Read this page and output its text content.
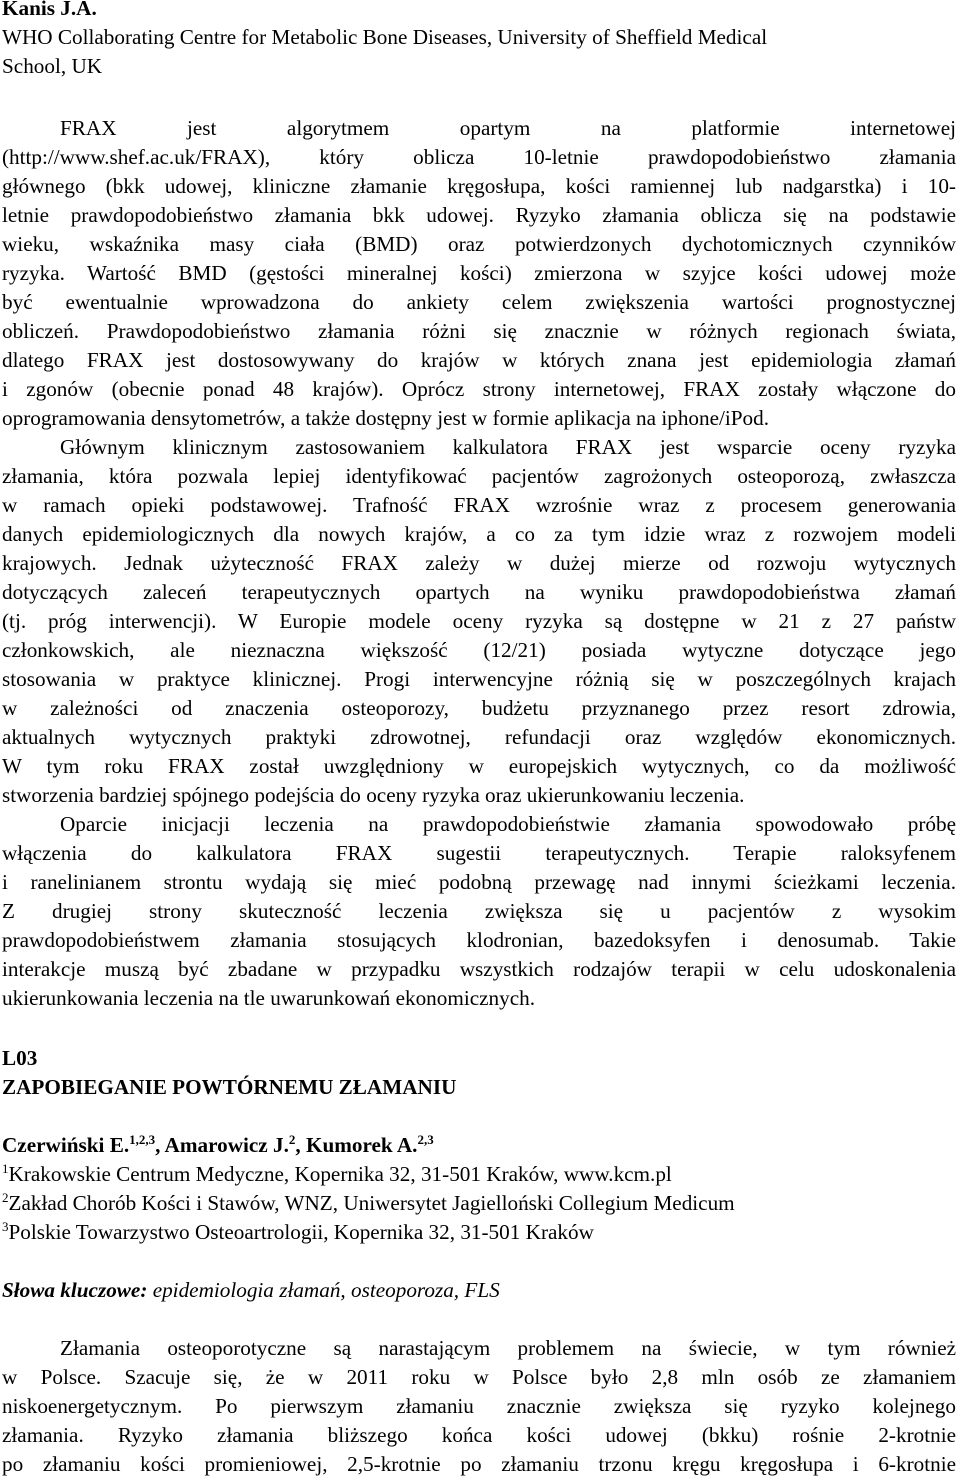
Kanis J.A.
WHO Collaborating Centre for Metabolic Bone Diseases, University of Sheffield Medical
School, UK
FRAX jest algorytmem opartym na platformie internetowej
(http://www.shef.ac.uk/FRAX), który oblicza 10-letnie prawdopodobieństwo złamania
głównego (bkk udowej, kliniczne złamanie kręgosłupa, kości ramiennej lub nadgarstka) i 10-
letnie prawdopodobieństwo złamania bkk udowej. Ryzyko złamania oblicza się na podstawie
wieku, wskaźnika masy ciała (BMD) oraz potwierdzonych dychotomicznych czynników
ryzyka. Wartość BMD (gęstości mineralnej kości) zmierzona w szyjce kości udowej może
być ewentualnie wprowadzona do ankiety celem zwiększenia wartości prognostycznej
obliczeń. Prawdopodobieństwo złamania różni się znacznie w różnych regionach świata,
dlatego FRAX jest dostosowywany do krajów w których znana jest epidemiologia złamań
i zgonów (obecnie ponad 48 krajów). Oprócz strony internetowej, FRAX zostały włączone do
oprogramowania densytometrów, a także dostępny jest w formie aplikacja na iphone/iPod.
Głównym klinicznym zastosowaniem kalkulatora FRAX jest wsparcie oceny ryzyka
złamania, która pozwala lepiej identyfikować pacjentów zagrożonych osteoporozą, zwłaszcza
w ramach opieki podstawowej. Trafność FRAX wzrośnie wraz z procesem generowania
danych epidemiologicznych dla nowych krajów, a co za tym idzie wraz z rozwojem modeli
krajowych. Jednak użyteczność FRAX zależy w dużej mierze od rozwoju wytycznych
dotyczących zaleceń terapeutycznych opartych na wyniku prawdopodobieństwa złamań
(tj. próg interwencji). W Europie modele oceny ryzyka są dostępne w 21 z 27 państw
członkowskich, ale nieznaczna większość (12/21) posiada wytyczne dotyczące jego
stosowania w praktyce klinicznej. Progi interwencyjne różnią się w poszczególnych krajach
w zależności od znaczenia osteoporozy, budżetu przyznanego przez resort zdrowia,
aktualnych wytycznych praktyki zdrowotnej, refundacji oraz względów ekonomicznych.
W tym roku FRAX został uwzględniony w europejskich wytycznych, co da możliwość
stworzenia bardziej spójnego podejścia do oceny ryzyka oraz ukierunkowaniu leczenia.
Oparcie inicjacji leczenia na prawdopodobieństwie złamania spowodowało próbę
włączenia do kalkulatora FRAX sugestii terapeutycznych. Terapie raloksyfenem
i ranelinianem strontu wydają się mieć podobną przewagę nad innymi ścieżkami leczenia.
Z drugiej strony skuteczność leczenia zwiększa się u pacjentów z wysokim
prawdopodobieństwem złamania stosujących klodronian, bazedoksyfen i denosumab. Takie
interakcje muszą być zbadane w przypadku wszystkich rodzajów terapii w celu udoskonalenia
ukierunkowania leczenia na tle uwarunkowań ekonomicznych.
L03
ZAPOBIEGANIE POWTÓRNEMU ZŁAMANIU
Czerwiński E.$^{1,2,3}$, Amarowicz J.$^2$, Kumorek A.$^{2,3}$
$^1$Krakowskie Centrum Medyczne, Kopernika 32, 31-501 Kraków, www.kcm.pl
$^2$Zakład Chorób Kości i Stawów, WNZ, Uniwersytet Jagielloński Collegium Medicum
$^3$Polskie Towarzystwo Osteoartrologii, Kopernika 32, 31-501 Kraków
Słowa kluczowe: epidemiologia złamań, osteoporoza, FLS
Złamania osteoporotyczne są narastającym problemem na świecie, w tym również
w Polsce. Szacuje się, że w 2011 roku w Polsce było 2,8 mln osób ze złamaniem
niskoenergetycznym. Po pierwszym złamaniu znacznie zwiększa się ryzyko kolejnego
złamania. Ryzyko złamania bliższego końca kości udowej (bkku) rośnie 2-krotnie
po złamaniu kości promieniowej, 2,5-krotnie po złamaniu trzonu kręgu kręgosłupa i 6-krotnie
